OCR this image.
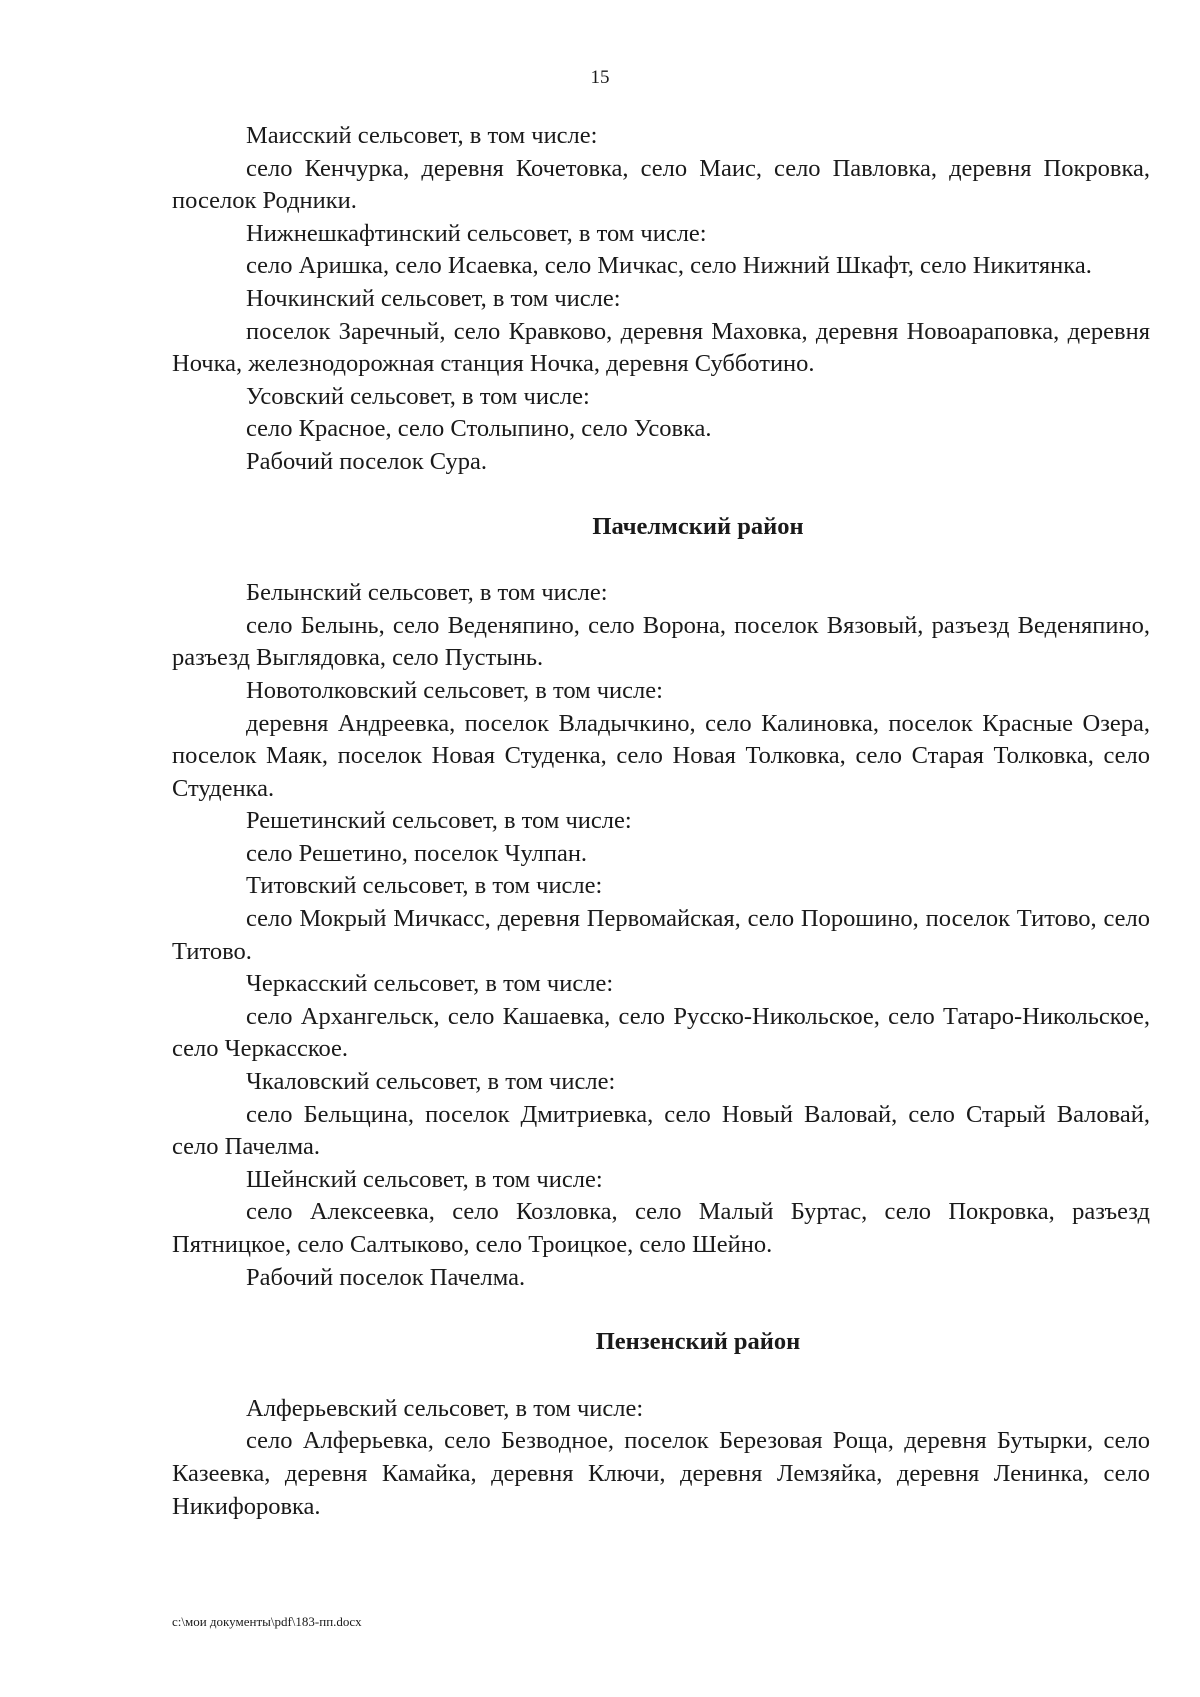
15

Маисский сельсовет, в том числе:

село Кенчурка, деревня Кочетовка, село Маис, село Павловка, деревня Покровка, поселок Родники.

Нижнешкафтинский сельсовет, в том числе:

село Аришка, село Исаевка, село Мичкас, село Нижний Шкафт, село Никитянка.

Ночкинский сельсовет, в том числе:

поселок Заречный, село Кравково, деревня Маховка, деревня Новоараповка, деревня Ночка, железнодорожная станция Ночка, деревня Субботино.

Усовский сельсовет, в том числе:

село Красное, село Столыпино, село Усовка.

Рабочий поселок Сура.

Пачелмский район

Белынский сельсовет, в том числе:

село Белынь, село Веденяпино, село Ворона, поселок Вязовый, разъезд Веденяпино, разъезд Выглядовка, село Пустынь.

Новотолковский сельсовет, в том числе:

деревня Андреевка, поселок Владычкино, село Калиновка, поселок Красные Озера, поселок Маяк, поселок Новая Студенка, село Новая Толковка, село Старая Толковка, село Студенка.

Решетинский сельсовет, в том числе:

село Решетино, поселок Чулпан.

Титовский сельсовет, в том числе:

село Мокрый Мичкасс, деревня Первомайская, село Порошино, поселок Титово, село Титово.

Черкасский сельсовет, в том числе:

село Архангельск, село Кашаевка, село Русско-Никольское, село Татаро-Никольское, село Черкасское.

Чкаловский сельсовет, в том числе:

село Бельщина, поселок Дмитриевка, село Новый Валовай, село Старый Валовай, село Пачелма.

Шейнский сельсовет, в том числе:

село Алексеевка, село Козловка, село Малый Буртас, село Покровка, разъезд Пятницкое, село Салтыково, село Троицкое, село Шейно.

Рабочий поселок Пачелма.

Пензенский район

Алферьевский сельсовет, в том числе:

село Алферьевка, село Безводное, поселок Березовая Роща, деревня Бутырки, село Казеевка, деревня Камайка, деревня Ключи, деревня Лемзяйка, деревня Ленинка, село Никифоровка.

c:\мои документы\pdf\183-пп.docx
